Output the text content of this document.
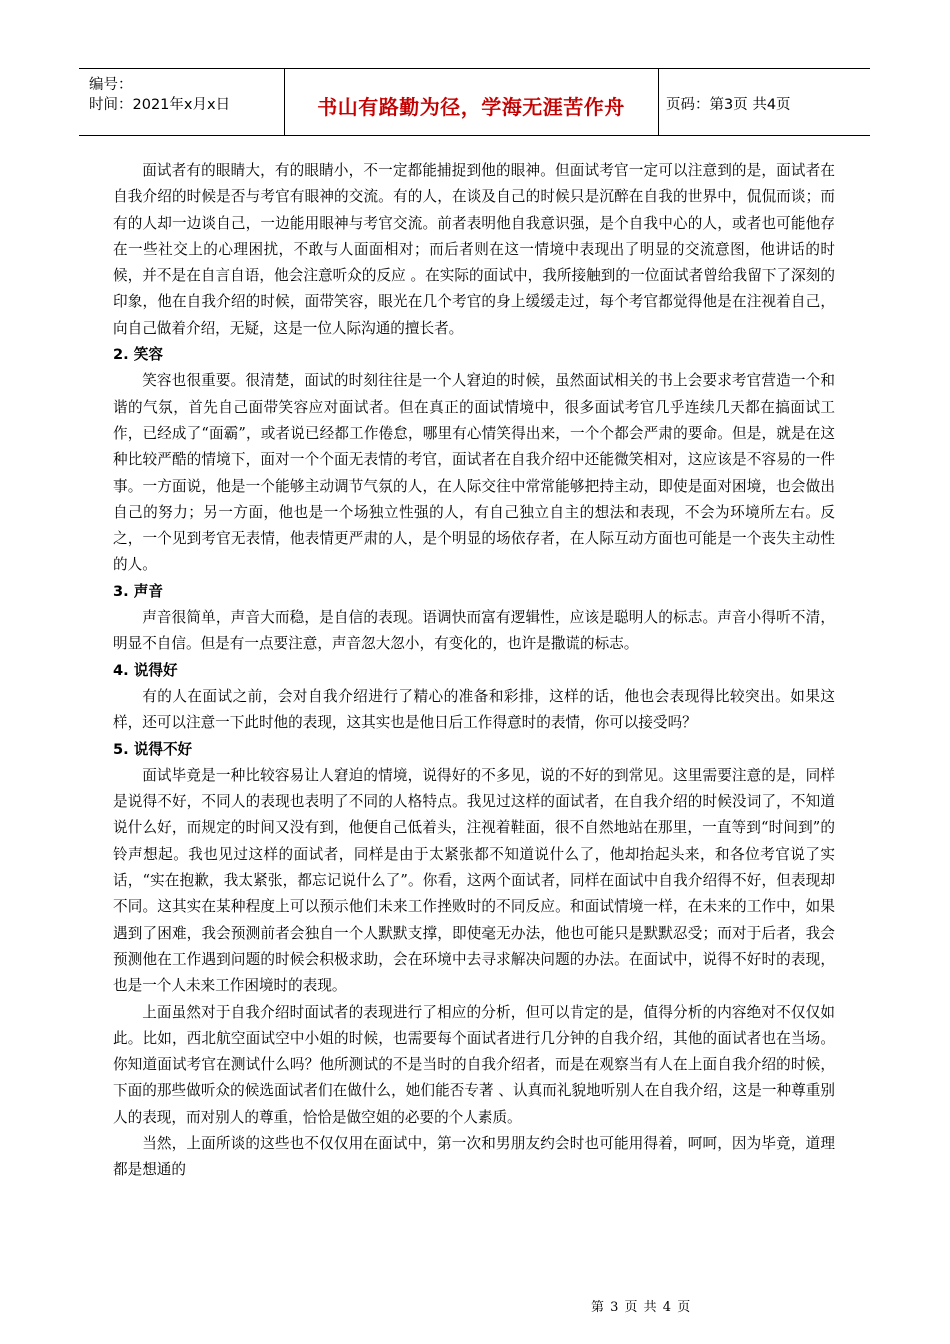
编号：
时间：2021年x月x日	书山有路勤为径，学海无涯苦作舟	页码：第3页 共4页

面试者有的眼睛大，有的眼睛小，不一定都能捕捉到他的眼神。但面试考官一定可以注意到的是，面试者在自我介绍的时候是否与考官有眼神的交流。有的人，在谈及自己的时候只是沉醉在自我的世界中，侃侃而谈；而有的人却一边谈自己，一边能用眼神与考官交流。前者表明他自我意识强，是个自我中心的人，或者也可能他存在一些社交上的心理困扰，不敢与人面面相对；而后者则在这一情境中表现出了明显的交流意图，他讲话的时候，并不是在自言自语，他会注意听众的反应 。在实际的面试中，我所接触到的一位面试者曾给我留下了深刻的印象，他在自我介绍的时候，面带笑容，眼光在几个考官的身上缓缓走过，每个考官都觉得他是在注视着自己，向自己做着介绍，无疑，这是一位人际沟通的擅长者。

2. 笑容

笑容也很重要。很清楚，面试的时刻往往是一个人窘迫的时候，虽然面试相关的书上会要求考官营造一个和谐的气氛，首先自己面带笑容应对面试者。但在真正的面试情境中，很多面试考官几乎连续几天都在搞面试工作，已经成了“面霸”，或者说已经都工作倦怠，哪里有心情笑得出来，一个个都会严肃的要命。但是，就是在这种比较严酷的情境下，面对一个个面无表情的考官，面试者在自我介绍中还能微笑相对，这应该是不容易的一件事。一方面说，他是一个能够主动调节气氛的人，在人际交往中常常能够把持主动，即使是面对困境，也会做出自己的努力；另一方面，他也是一个场独立性强的人，有自己独立自主的想法和表现，不会为环境所左右。反之，一个见到考官无表情，他表情更严肃的人，是个明显的场依存者，在人际互动方面也可能是一个丧失主动性的人。

3. 声音

声音很简单，声音大而稳，是自信的表现。语调快而富有逻辑性，应该是聪明人的标志。声音小得听不清，明显不自信。但是有一点要注意，声音忽大忽小，有变化的，也许是撒谎的标志。

4. 说得好

有的人在面试之前，会对自我介绍进行了精心的准备和彩排，这样的话，他也会表现得比较突出。如果这样，还可以注意一下此时他的表现，这其实也是他日后工作得意时的表情，你可以接受吗？

5. 说得不好

面试毕竟是一种比较容易让人窘迫的情境，说得好的不多见，说的不好的到常见。这里需要注意的是，同样是说得不好，不同人的表现也表明了不同的人格特点。我见过这样的面试者，在自我介绍的时候没词了，不知道说什么好，而规定的时间又没有到，他便自己低着头，注视着鞋面，很不自然地站在那里，一直等到“时间到”的铃声想起。我也见过这样的面试者，同样是由于太紧张都不知道说什么了，他却抬起头来，和各位考官说了实话，“实在抱歉，我太紧张，都忘记说什么了”。你看，这两个面试者，同样在面试中自我介绍得不好，但表现却不同。这其实在某种程度上可以预示他们未来工作挫败时的不同反应。和面试情境一样，在未来的工作中，如果遇到了困难，我会预测前者会独自一个人默默支撑，即使毫无办法，他也可能只是默默忍受；而对于后者，我会预测他在工作遇到问题的时候会积极求助，会在环境中去寻求解决问题的办法。在面试中，说得不好时的表现，也是一个人未来工作困境时的表现。

上面虽然对于自我介绍时面试者的表现进行了相应的分析，但可以肯定的是，值得分析的内容绝对不仅仅如此。比如，西北航空面试空中小姐的时候，也需要每个面试者进行几分钟的自我介绍，其他的面试者也在当场。你知道面试考官在测试什么吗？他所测试的不是当时的自我介绍者，而是在观察当有人在上面自我介绍的时候，下面的那些做听众的候选面试者们在做什么，她们能否专著 、认真而礼貌地听别人在自我介绍，这是一种尊重别人的表现，而对别人的尊重，恰恰是做空姐的必要的个人素质。

当然，上面所谈的这些也不仅仅用在面试中，第一次和男朋友约会时也可能用得着，呵呵，因为毕竟，道理都是想通的

第 3 页 共 4 页
